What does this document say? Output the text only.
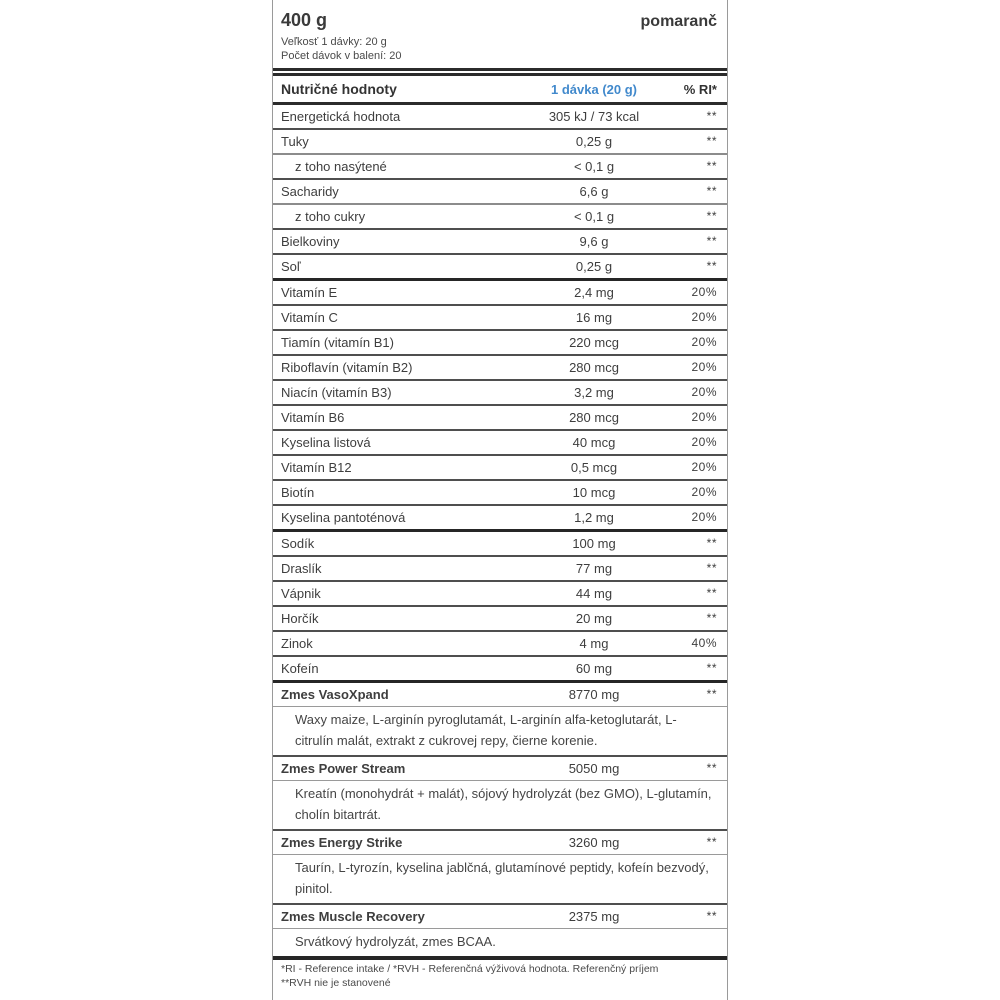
400 g	pomaranč
Veľkosť 1 dávky: 20 g
Počet dávok v balení: 20
Nutričné hodnoty	1 dávka (20 g)	% RI*
Energetická hodnota	305 kJ / 73 kcal	**
Tuky	0,25 g	**
z toho nasýtené	< 0,1 g	**
Sacharidy	6,6 g	**
z toho cukry	< 0,1 g	**
Bielkoviny	9,6 g	**
Soľ	0,25 g	**
Vitamín E	2,4 mg	20%
Vitamín C	16 mg	20%
Tiamín (vitamín B1)	220 mcg	20%
Riboflavín (vitamín B2)	280 mcg	20%
Niacín (vitamín B3)	3,2 mg	20%
Vitamín B6	280 mcg	20%
Kyselina listová	40 mcg	20%
Vitamín B12	0,5 mcg	20%
Biotín	10 mcg	20%
Kyselina pantoténová	1,2 mg	20%
Sodík	100 mg	**
Draslík	77 mg	**
Vápnik	44 mg	**
Horčík	20 mg	**
Zinok	4 mg	40%
Kofeín	60 mg	**
Zmes VasoXpand	8770 mg	**
Waxy maize, L-arginín pyroglutamát, L-arginín alfa-ketoglutarát, L-citrulín malát, extrakt z cukrovej repy, čierne korenie.
Zmes Power Stream	5050 mg	**
Kreatín (monohydrát + malát), sójový hydrolyzát (bez GMO), L-glutamín, cholín bitartrát.
Zmes Energy Strike	3260 mg	**
Taurín, L-tyrozín, kyselina jablčná, glutamínové peptidy, kofeín bezvodý, pinitol.
Zmes Muscle Recovery	2375 mg	**
Srvátkový hydrolyzát, zmes BCAA.
*RI - Reference intake / *RVH - Referenčná výživová hodnota. Referenčný príjem
**RVH nie je stanovené
